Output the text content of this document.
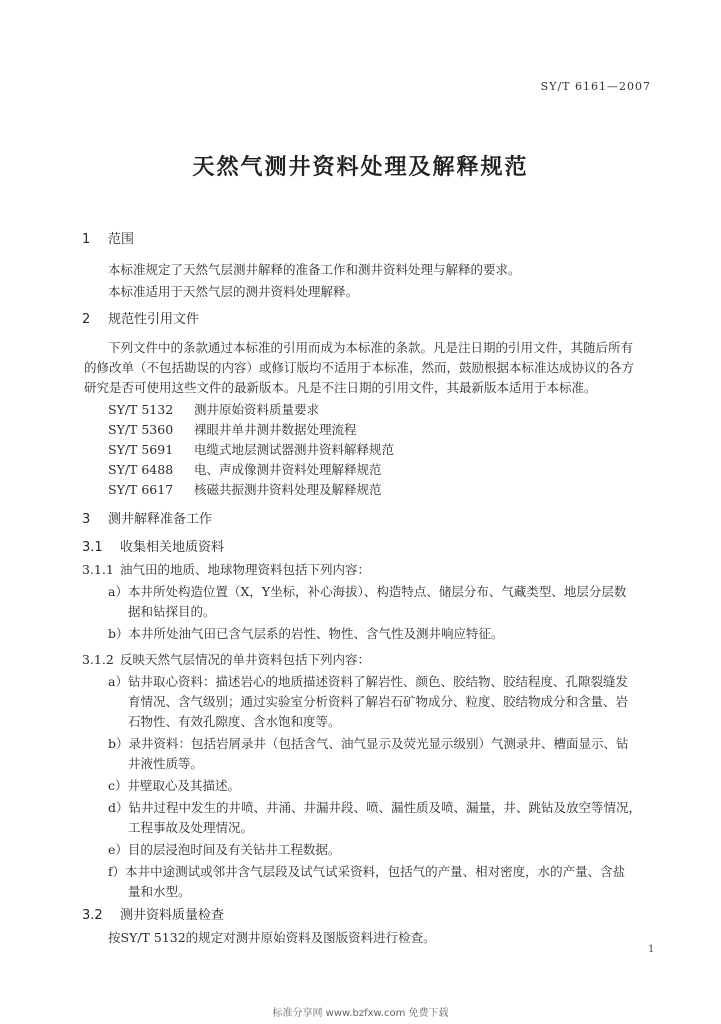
SY/T 6161—2007
天然气测井资料处理及解释规范
1 范围
本标准规定了天然气层测井解释的准备工作和测井资料处理与解释的要求。
本标准适用于天然气层的测井资料处理解释。
2 规范性引用文件
下列文件中的条款通过本标准的引用而成为本标准的条款。凡是注日期的引用文件，其随后所有
的修改单（不包括勘误的内容）或修订版均不适用于本标准，然而，鼓励根据本标准达成协议的各方
研究是否可使用这些文件的最新版本。凡是不注日期的引用文件，其最新版本适用于本标准。
SY/T 5132 测井原始资料质量要求
SY/T 5360 裸眼井单井测井数据处理流程
SY/T 5691 电缆式地层测试器测井资料解释规范
SY/T 6488 电、声成像测井资料处理解释规范
SY/T 6617 核磁共振测井资料处理及解释规范
3 测井解释准备工作
3.1 收集相关地质资料
3.1.1 油气田的地质、地球物理资料包括下列内容：
a）本井所处构造位置（X，Y坐标，补心海拔）、构造特点、储层分布、气藏类型、地层分层数
据和钻探目的。
b）本井所处油气田已含气层系的岩性、物性、含气性及测井响应特征。
3.1.2 反映天然气层情况的单井资料包括下列内容：
a）钻井取心资料：描述岩心的地质描述资料了解岩性、颜色、胶结物、胶结程度、孔隙裂缝发
育情况、含气级别；通过实验室分析资料了解岩石矿物成分、粒度、胶结物成分和含量、岩
石物性、有效孔隙度、含水饱和度等。
b）录井资料：包括岩屑录井（包括含气、油气显示及荧光显示级别）气测录井、槽面显示、钻
井液性质等。
c）井壁取心及其描述。
d）钻井过程中发生的井喷、井涌、井漏井段、喷、漏性质及喷、漏量，井、跳钻及放空等情况，
工程事故及处理情况。
e）目的层浸泡时间及有关钻井工程数据。
f）本井中途测试或邻井含气层段及试气试采资料，包括气的产量、相对密度，水的产量、含盐
量和水型。
3.2 测井资料质量检查
按SY/T 5132的规定对测井原始资料及图版资料进行检查。
1
标准分享网 www.bzfxw.com 免费下载
